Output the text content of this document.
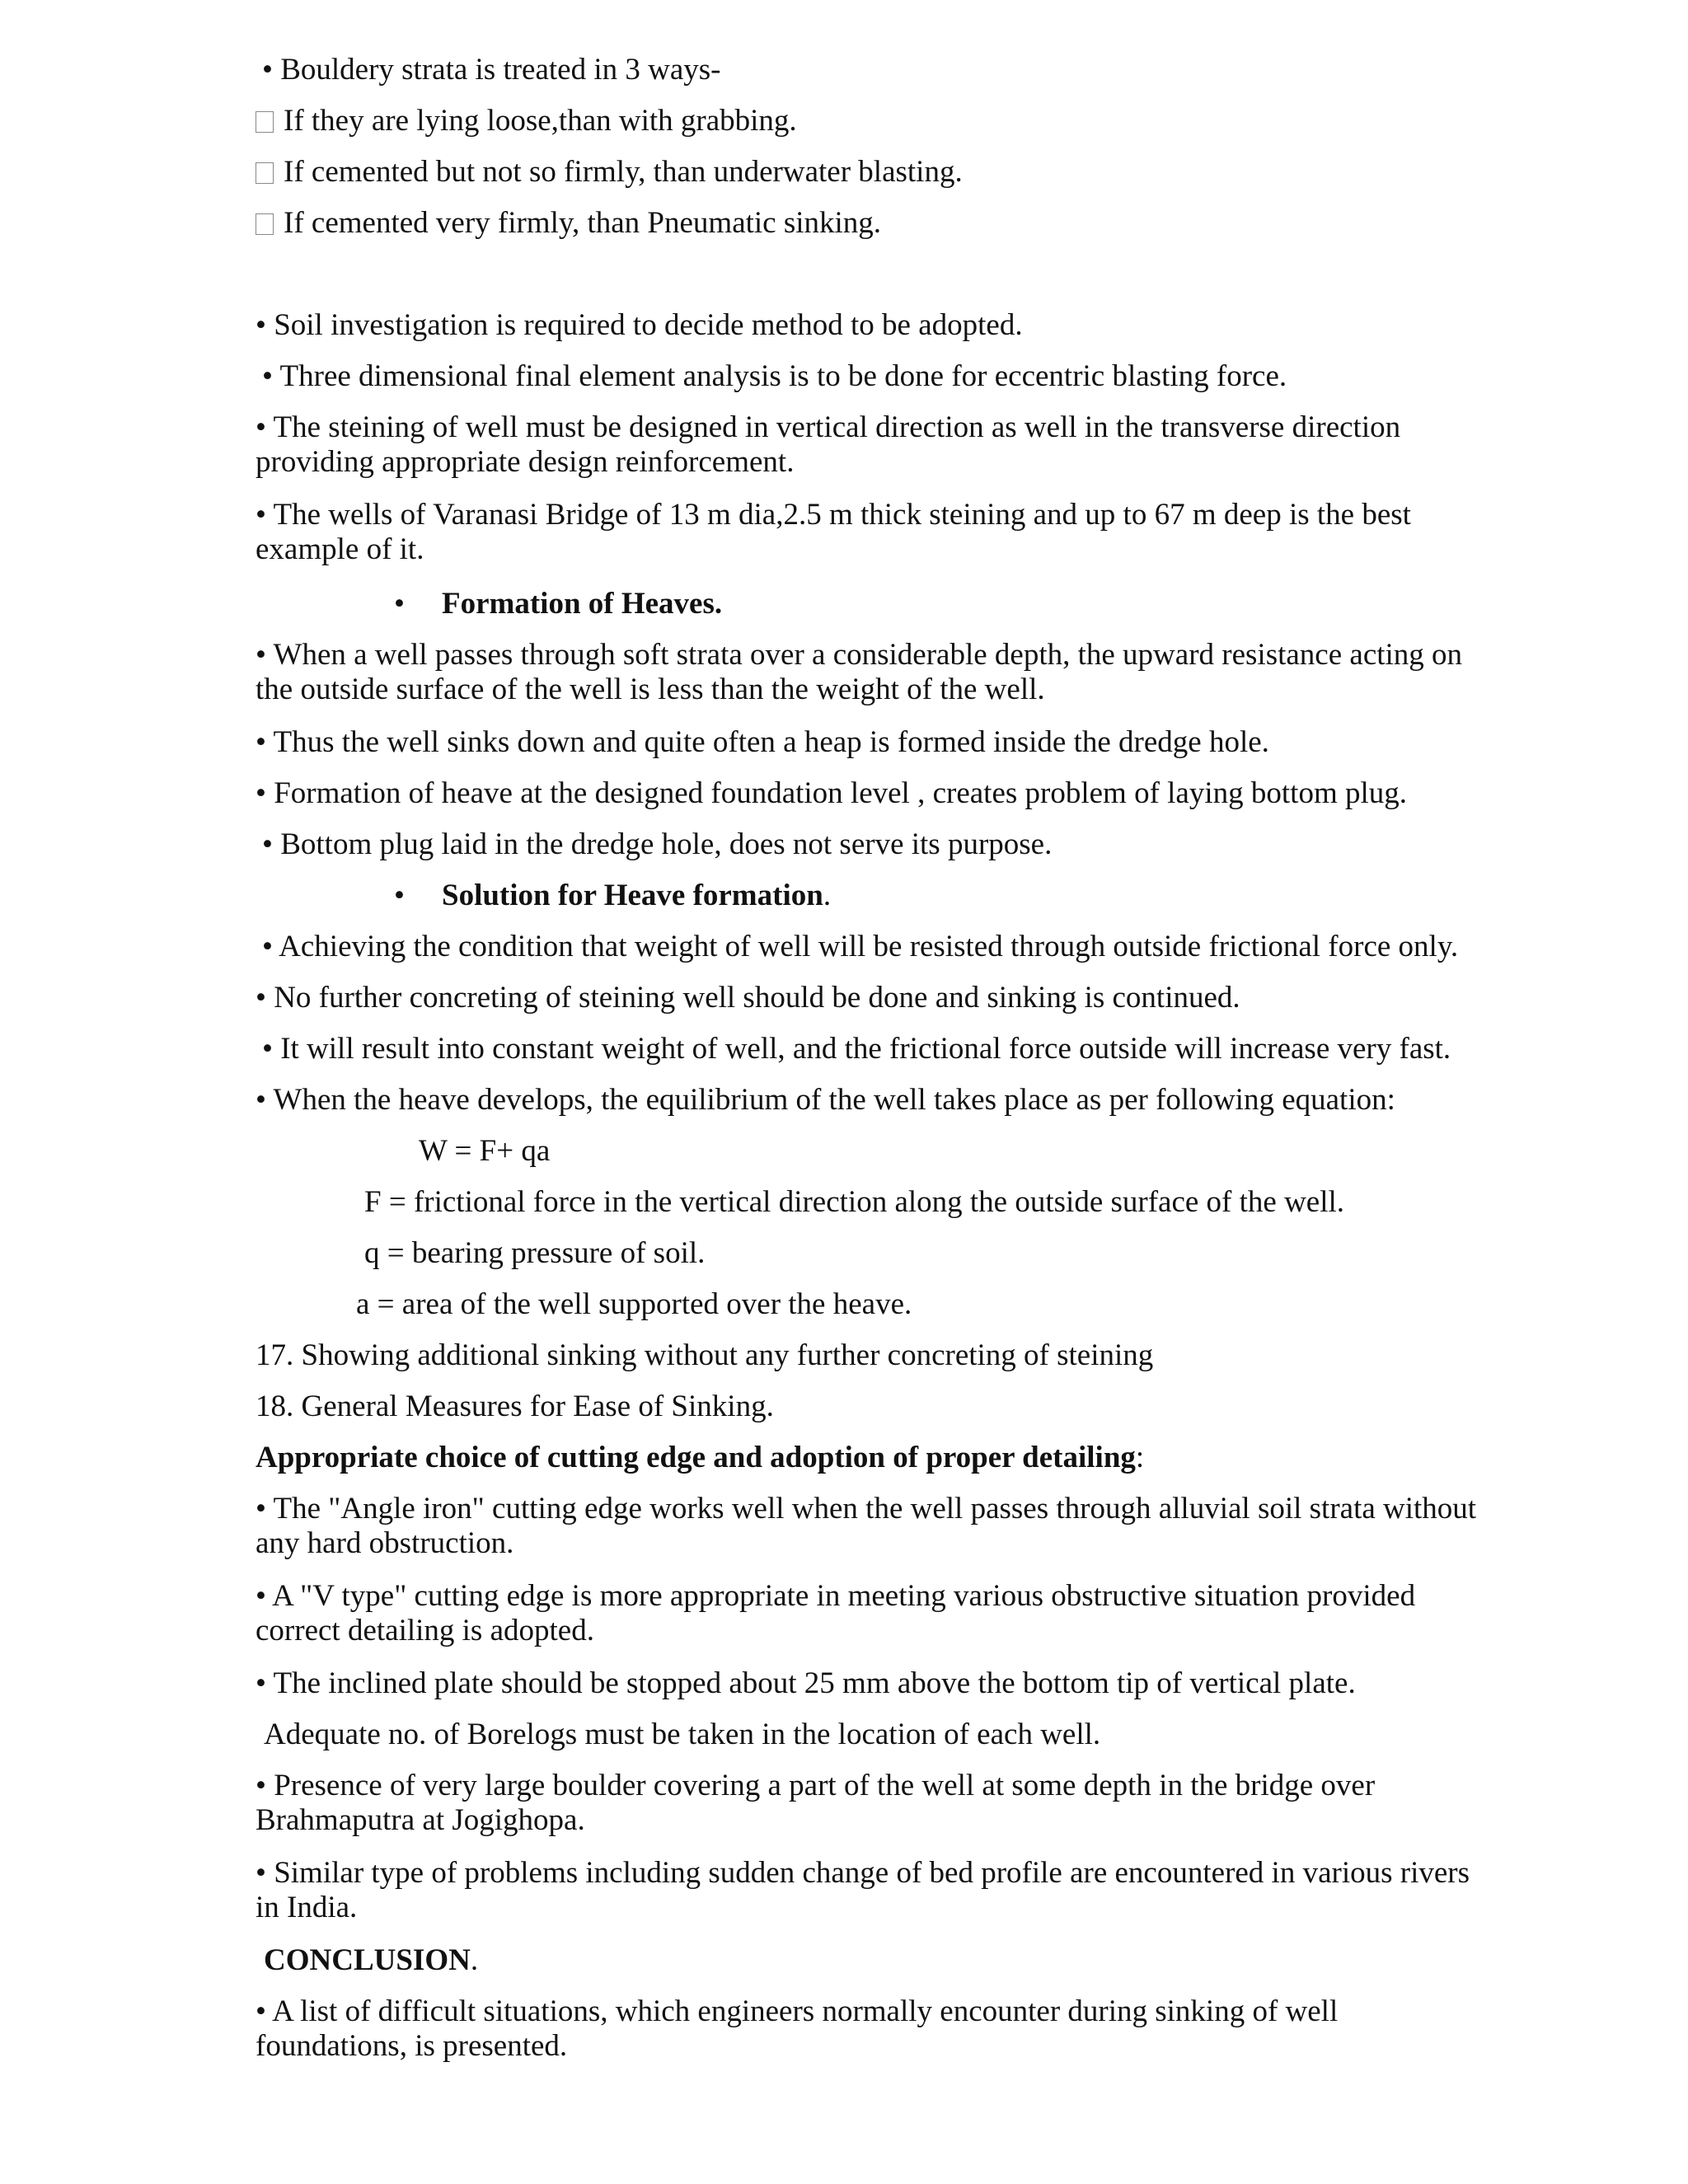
• Bouldery strata is treated in 3 ways-
If they are lying loose,than with grabbing.
If cemented but not so firmly, than underwater blasting.
If cemented very firmly, than Pneumatic sinking.
• Soil investigation is required to decide method to be adopted.
• Three dimensional final element analysis is to be done for eccentric blasting force.
• The steining of well must be designed in vertical direction as well in the transverse direction providing appropriate design reinforcement.
• The wells of Varanasi Bridge of 13 m dia,2.5 m thick steining and up to 67 m deep is the best example of it.
• Formation of Heaves.
• When a well passes through soft strata over a considerable depth, the upward resistance acting on the outside surface of the well is less than the weight of the well.
• Thus the well sinks down and quite often a heap is formed inside the dredge hole.
• Formation of heave at the designed foundation level , creates problem of laying bottom plug.
• Bottom plug laid in the dredge hole, does not serve its purpose.
• Solution for Heave formation.
• Achieving the condition that weight of well will be resisted through outside frictional force only.
• No further concreting of steining well should be done and sinking is continued.
• It will result into constant weight of well, and the frictional force outside will increase very fast.
• When the heave develops, the equilibrium of the well takes place as per following equation:
W = F+ qa
F = frictional force in the vertical direction along the outside surface of the well.
q = bearing pressure of soil.
a = area of the well supported over the heave.
17. Showing additional sinking without any further concreting of steining
18. General Measures for Ease of Sinking.
Appropriate choice of cutting edge and adoption of proper detailing:
• The "Angle iron" cutting edge works well when the well passes through alluvial soil strata without any hard obstruction.
• A "V type" cutting edge is more appropriate in meeting various obstructive situation provided correct detailing is adopted.
• The inclined plate should be stopped about 25 mm above the bottom tip of vertical plate.
Adequate no. of Borelogs must be taken in the location of each well.
• Presence of very large boulder covering a part of the well at some depth in the bridge over Brahmaputra at Jogighopa.
• Similar type of problems including sudden change of bed profile are encountered in various rivers in India.
CONCLUSION.
• A list of difficult situations, which engineers normally encounter during sinking of well foundations, is presented.
